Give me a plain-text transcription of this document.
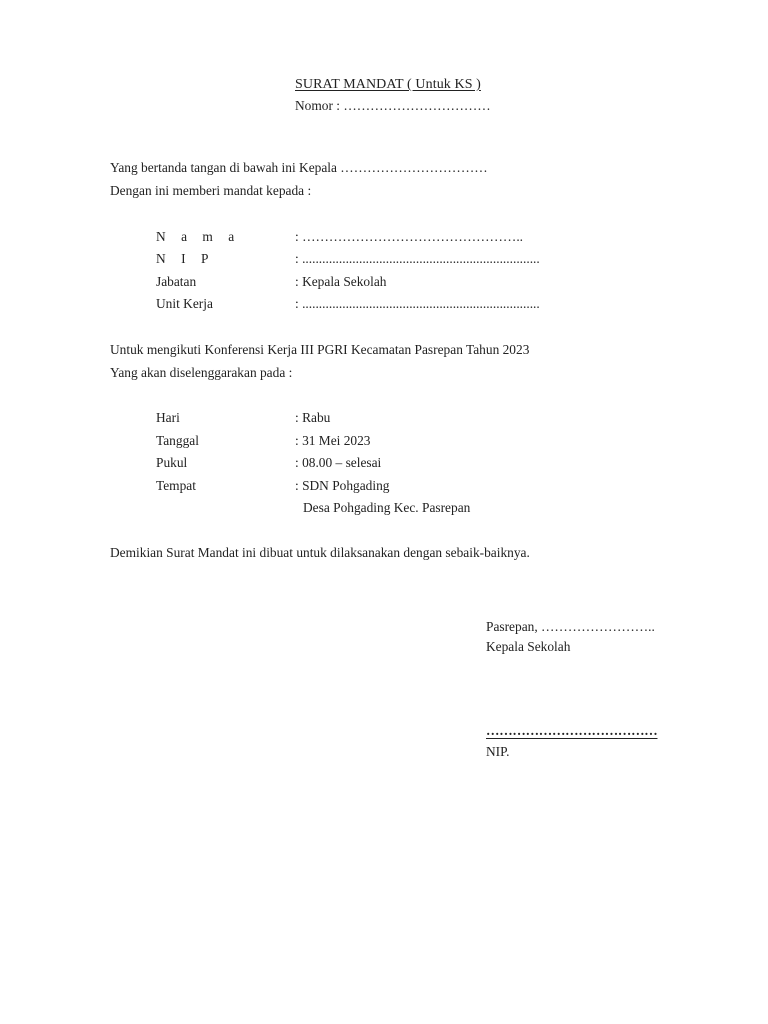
SURAT MANDAT ( Untuk KS )
Nomor : ……………………………
Yang bertanda tangan di bawah ini Kepala ……………………………
Dengan ini memberi mandat kepada :
N a m a	: …………………………………………..
N I P	: .......................................................................
Jabatan	: Kepala Sekolah
Unit Kerja	: .......................................................................
Untuk mengikuti Konferensi Kerja III PGRI Kecamatan Pasrepan Tahun 2023
Yang akan diselenggarakan pada :
Hari	: Rabu
Tanggal	: 31 Mei 2023
Pukul	: 08.00 – selesai
Tempat	: SDN Pohgading
Desa Pohgading Kec. Pasrepan
Demikian Surat Mandat ini dibuat untuk dilaksanakan dengan sebaik-baiknya.
Pasrepan, ……………………..
Kepala Sekolah
…………………………………
NIP.
